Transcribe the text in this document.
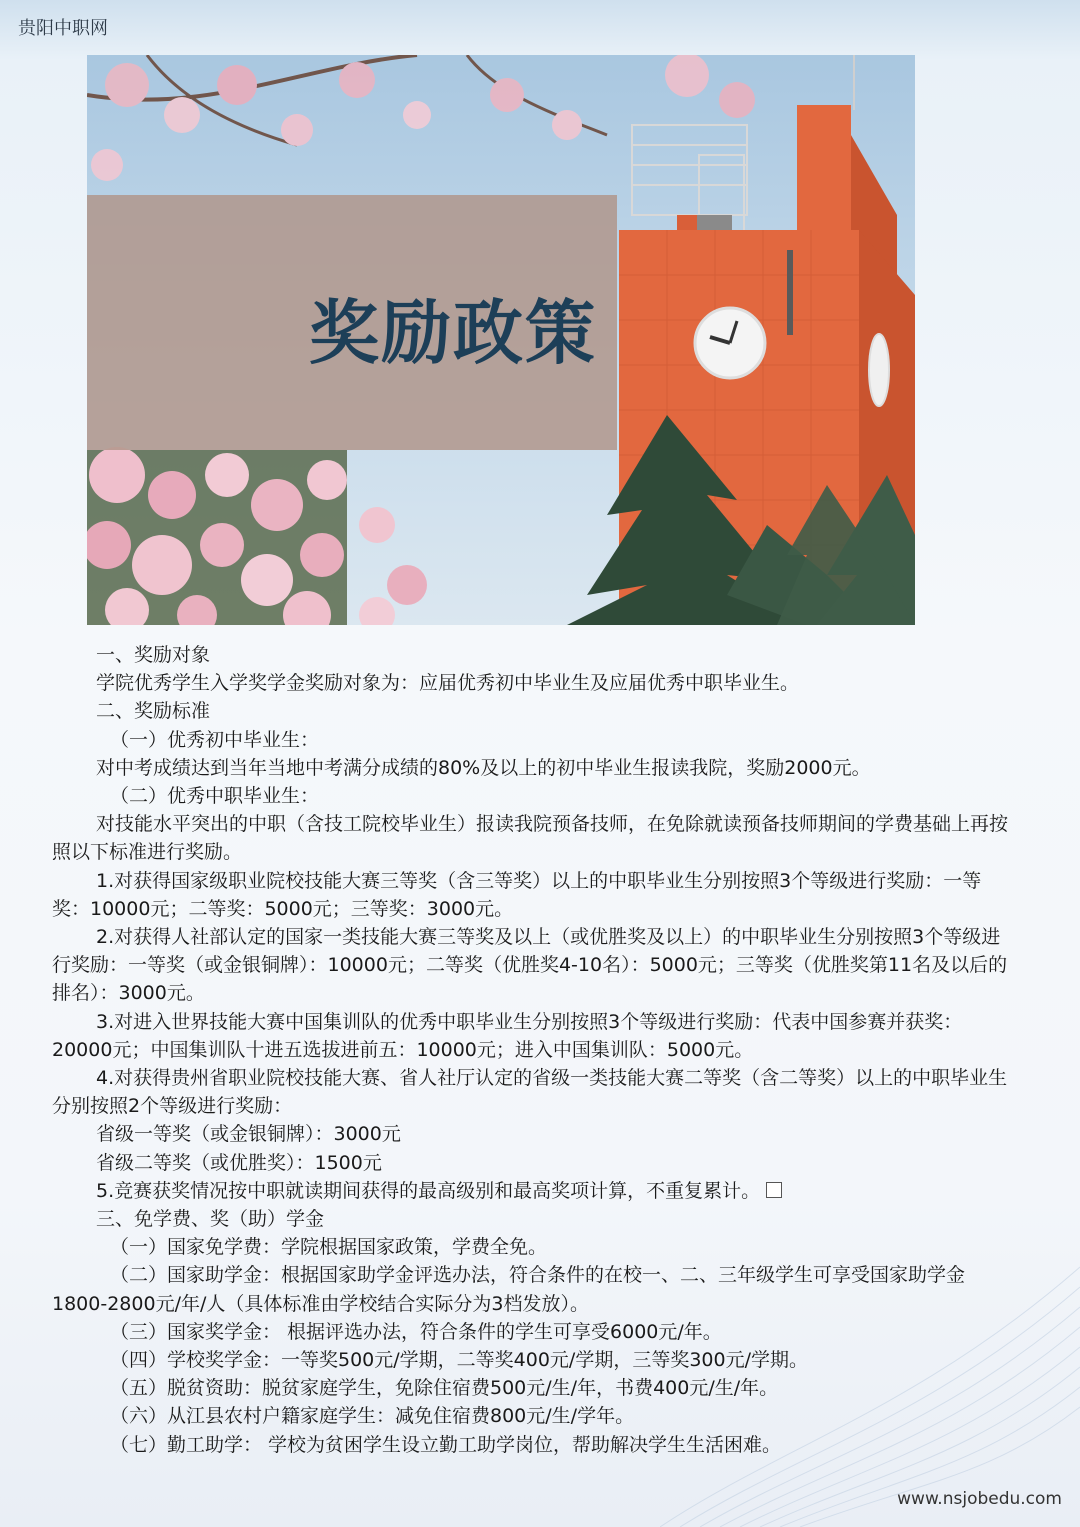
贵阳中职网
奖励政策

一、奖励对象

学院优秀学生入学奖学金奖励对象为：应届优秀初中毕业生及应届优秀中职毕业生。

二、奖励标准

（一）优秀初中毕业生：

对中考成绩达到当年当地中考满分成绩的80%及以上的初中毕业生报读我院，奖励2000元。

（二）优秀中职毕业生：

对技能水平突出的中职（含技工院校毕业生）报读我院预备技师，在免除就读预备技师期间的学费基础上再按照以下标准进行奖励。

1.对获得国家级职业院校技能大赛三等奖（含三等奖）以上的中职毕业生分别按照3个等级进行奖励：一等奖：10000元；二等奖：5000元；三等奖：3000元。

2.对获得人社部认定的国家一类技能大赛三等奖及以上（或优胜奖及以上）的中职毕业生分别按照3个等级进行奖励：一等奖（或金银铜牌）：10000元；二等奖（优胜奖4-10名）：5000元；三等奖（优胜奖第11名及以后的排名）：3000元。

3.对进入世界技能大赛中国集训队的优秀中职毕业生分别按照3个等级进行奖励：代表中国参赛并获奖：20000元；中国集训队十进五选拔进前五：10000元；进入中国集训队：5000元。

4.对获得贵州省职业院校技能大赛、省人社厅认定的省级一类技能大赛二等奖（含二等奖）以上的中职毕业生分别按照2个等级进行奖励：

省级一等奖（或金银铜牌）：3000元

省级二等奖（或优胜奖）：1500元

5.竞赛获奖情况按中职就读期间获得的最高级别和最高奖项计算，不重复累计。

三、免学费、奖（助）学金

（一）国家免学费：学院根据国家政策，学费全免。

（二）国家助学金：根据国家助学金评选办法，符合条件的在校一、二、三年级学生可享受国家助学金1800-2800元/年/人（具体标准由学校结合实际分为3档发放）。

（三）国家奖学金： 根据评选办法，符合条件的学生可享受6000元/年。

（四）学校奖学金：一等奖500元/学期，二等奖400元/学期，三等奖300元/学期。

（五）脱贫资助：脱贫家庭学生，免除住宿费500元/生/年，书费400元/生/年。

（六）从江县农村户籍家庭学生：减免住宿费800元/生/学年。

（七）勤工助学： 学校为贫困学生设立勤工助学岗位，帮助解决学生生活困难。

www.nsjobedu.com
